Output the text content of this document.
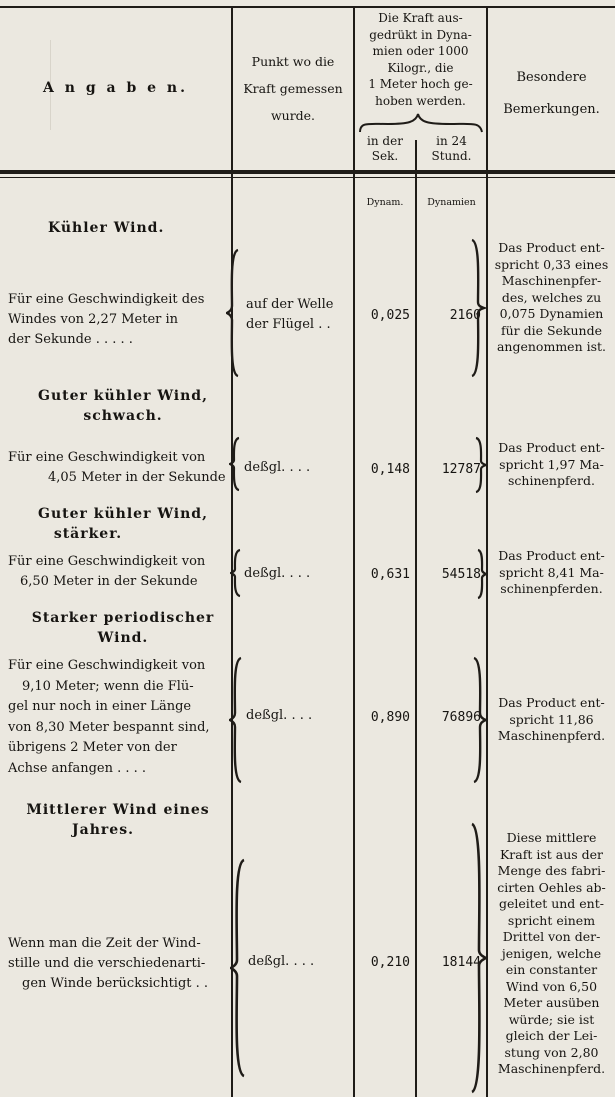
A n g a b e n.
Punkt wo die
Kraft gemessen
wurde.
Die Kraft aus-
gedrükt in Dyna-
mien oder 1000
Kilogr., die
1 Meter hoch ge-
hoben werden.
in der
Sek.
in 24
Stund.
Besondere
Bemerkungen.
Dynam.	Dynamien
Kühler Wind.
Für eine Geschwindigkeit des
Windes von 2,27 Meter in
der Sekunde . . . . .
auf der Welle
der Flügel . .
0,025	2160
Das Product ent-
spricht 0,33 eines
Maschinenpfer-
des, welches zu
0,075 Dynamien
für die Sekunde
angenommen ist.
Guter kühler Wind,
schwach.
Für eine Geschwindigkeit von
4,05 Meter in der Sekunde
deßgl. . . .	0,148	12787
Das Product ent-
spricht 1,97 Ma-
schinenpferd.
Guter kühler Wind,
stärker.
Für eine Geschwindigkeit von
6,50 Meter in der Sekunde
deßgl. . . .	0,631	54518
Das Product ent-
spricht 8,41 Ma-
schinenpferden.
Starker periodischer
Wind.
Für eine Geschwindigkeit von
9,10 Meter; wenn die Flü-
gel nur noch in einer Länge
von 8,30 Meter bespannt sind,
übrigens 2 Meter von der
Achse anfangen . . . .
deßgl. . . .	0,890	76896
Das Product ent-
spricht 11,86
Maschinenpferd.
Mittlerer Wind eines
Jahres.
Wenn man die Zeit der Wind-
stille und die verschiedenarti-
gen Winde berücksichtigt . .
deßgl. . . .	0,210	18144
Diese mittlere
Kraft ist aus der
Menge des fabri-
cirten Oehles ab-
geleitet und ent-
spricht einem
Drittel von der-
jenigen, welche
ein constanter
Wind von 6,50
Meter ausüben
würde; sie ist
gleich der Lei-
stung von 2,80
Maschinenpferd.
